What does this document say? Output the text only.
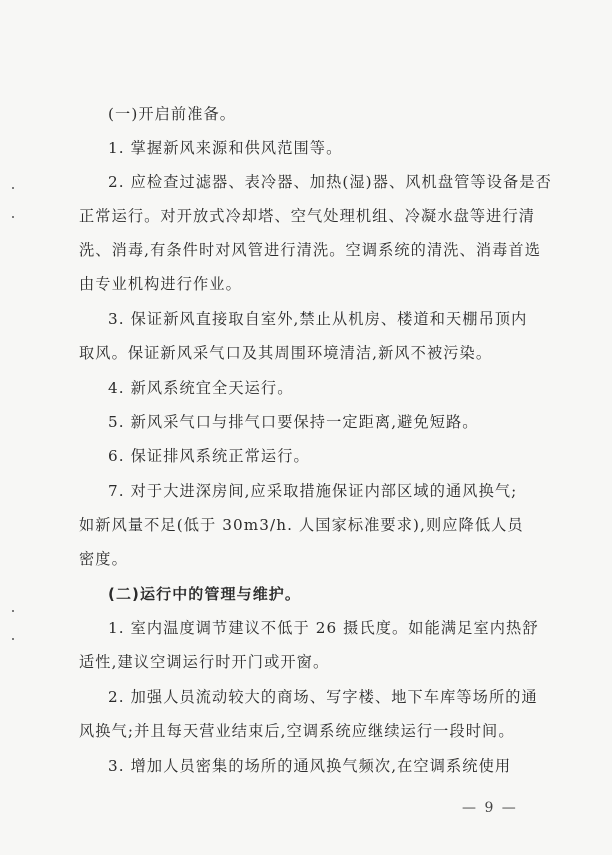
(一)开启前准备。
1. 掌握新风来源和供风范围等。
2. 应检查过滤器、表冷器、加热(湿)器、风机盘管等设备是否
正常运行。对开放式冷却塔、空气处理机组、冷凝水盘等进行清
洗、消毒,有条件时对风管进行清洗。空调系统的清洗、消毒首选
由专业机构进行作业。
3. 保证新风直接取自室外,禁止从机房、楼道和天棚吊顶内
取风。保证新风采气口及其周围环境清洁,新风不被污染。
4. 新风系统宜全天运行。
5. 新风采气口与排气口要保持一定距离,避免短路。
6. 保证排风系统正常运行。
7. 对于大进深房间,应采取措施保证内部区域的通风换气;
如新风量不足(低于 30m3/h. 人国家标准要求),则应降低人员
密度。
(二)运行中的管理与维护。
1. 室内温度调节建议不低于 26 摄氏度。如能满足室内热舒
适性,建议空调运行时开门或开窗。
2. 加强人员流动较大的商场、写字楼、地下车库等场所的通
风换气;并且每天营业结束后,空调系统应继续运行一段时间。
3. 增加人员密集的场所的通风换气频次,在空调系统使用
— 9 —
